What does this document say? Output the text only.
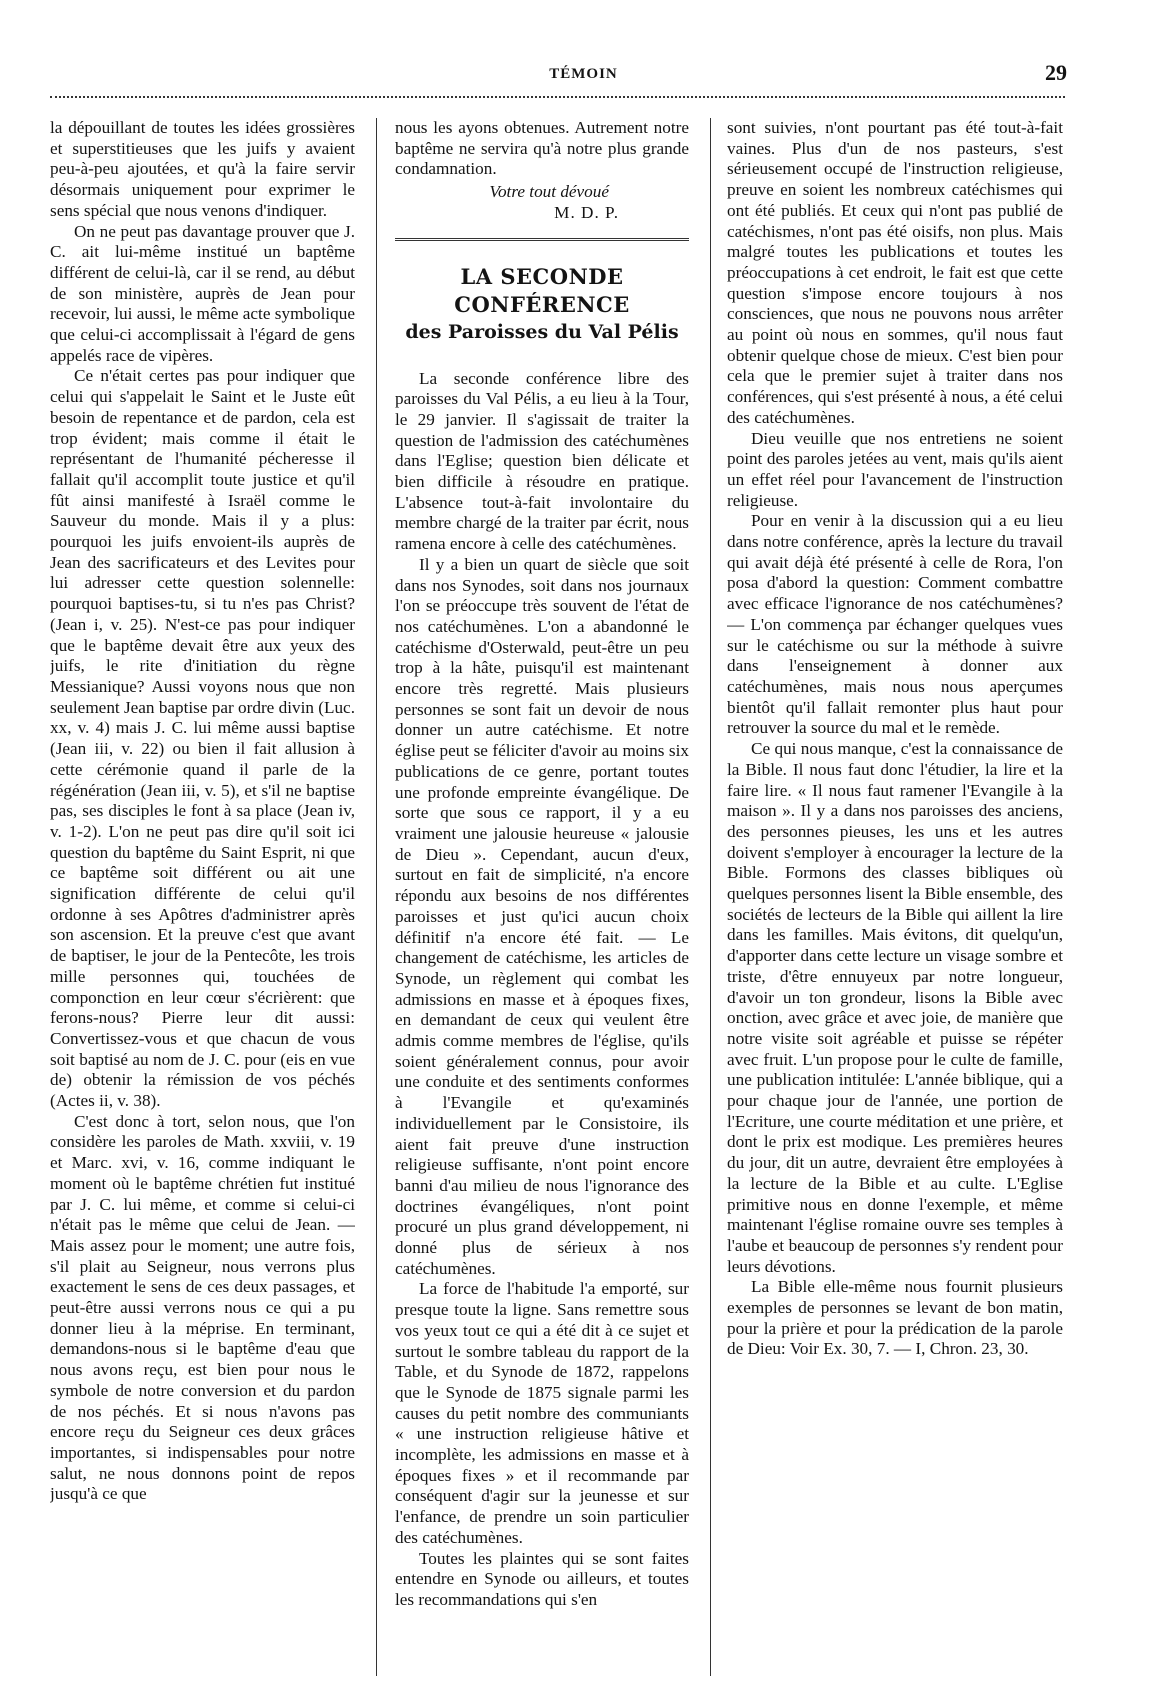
TÉMOIN	29

la dépouillant de toutes les idées grossières et superstitieuses que les juifs y avaient peu-à-peu ajoutées, et qu'à la faire servir désormais uniquement pour exprimer le sens spécial que nous venons d'indiquer.

On ne peut pas davantage prouver que J. C. ait lui-même institué un baptême différent de celui-là, car il se rend, au début de son ministère, auprès de Jean pour recevoir, lui aussi, le même acte symbolique que celui-ci accomplissait à l'égard de gens appelés race de vipères.

Ce n'était certes pas pour indiquer que celui qui s'appelait le Saint et le Juste eût besoin de repentance et de pardon, cela est trop évident; mais comme il était le représentant de l'humanité pécheresse il fallait qu'il accomplit toute justice et qu'il fût ainsi manifesté à Israël comme le Sauveur du monde. Mais il y a plus: pourquoi les juifs envoient-ils auprès de Jean des sacrificateurs et des Levites pour lui adresser cette question solennelle: pourquoi baptises-tu, si tu n'es pas Christ? (Jean i, v. 25). N'est-ce pas pour indiquer que le baptême devait être aux yeux des juifs, le rite d'initiation du règne Messianique? Aussi voyons nous que non seulement Jean baptise par ordre divin (Luc. xx, v. 4) mais J. C. lui même aussi baptise (Jean iii, v. 22) ou bien il fait allusion à cette cérémonie quand il parle de la régénération (Jean iii, v. 5), et s'il ne baptise pas, ses disciples le font à sa place (Jean iv, v. 1-2). L'on ne peut pas dire qu'il soit ici question du baptême du Saint Esprit, ni que ce baptême soit différent ou ait une signification différente de celui qu'il ordonne à ses Apôtres d'administrer après son ascension. Et la preuve c'est que avant de baptiser, le jour de la Pentecôte, les trois mille personnes qui, touchées de componction en leur cœur s'écrièrent: que ferons-nous? Pierre leur dit aussi: Convertissez-vous et que chacun de vous soit baptisé au nom de J. C. pour (eis en vue de) obtenir la rémission de vos péchés (Actes ii, v. 38).

C'est donc à tort, selon nous, que l'on considère les paroles de Math. xxviii, v. 19 et Marc. xvi, v. 16, comme indiquant le moment où le baptême chrétien fut institué par J. C. lui même, et comme si celui-ci n'était pas le même que celui de Jean. — Mais assez pour le moment; une autre fois, s'il plait au Seigneur, nous verrons plus exactement le sens de ces deux passages, et peut-être aussi verrons nous ce qui a pu donner lieu à la méprise. En terminant, demandons-nous si le baptême d'eau que nous avons reçu, est bien pour nous le symbole de notre conversion et du pardon de nos péchés. Et si nous n'avons pas encore reçu du Seigneur ces deux grâces importantes, si indispensables pour notre salut, ne nous donnons point de repos jusqu'à ce que

nous les ayons obtenues. Autrement notre baptême ne servira qu'à notre plus grande condamnation.

Votre tout dévoué
M. D. P.
LA SECONDE CONFÉRENCE
des Paroisses du Val Pélis

La seconde conférence libre des paroisses du Val Pélis, a eu lieu à la Tour, le 29 janvier. Il s'agissait de traiter la question de l'admission des catéchumènes dans l'Eglise; question bien délicate et bien difficile à résoudre en pratique. L'absence tout-à-fait involontaire du membre chargé de la traiter par écrit, nous ramena encore à celle des catéchumènes.

Il y a bien un quart de siècle que soit dans nos Synodes, soit dans nos journaux l'on se préoccupe très souvent de l'état de nos catéchumènes. L'on a abandonné le catéchisme d'Osterwald, peut-être un peu trop à la hâte, puisqu'il est maintenant encore très regretté. Mais plusieurs personnes se sont fait un devoir de nous donner un autre catéchisme. Et notre église peut se féliciter d'avoir au moins six publications de ce genre, portant toutes une profonde empreinte évangélique. De sorte que sous ce rapport, il y a eu vraiment une jalousie heureuse « jalousie de Dieu ». Cependant, aucun d'eux, surtout en fait de simplicité, n'a encore répondu aux besoins de nos différentes paroisses et just qu'ici aucun choix définitif n'a encore été fait. — Le changement de catéchisme, les articles de Synode, un règlement qui combat les admissions en masse et à époques fixes, en demandant de ceux qui veulent être admis comme membres de l'église, qu'ils soient généralement connus, pour avoir une conduite et des sentiments conformes à l'Evangile et qu'examinés individuellement par le Consistoire, ils aient fait preuve d'une instruction religieuse suffisante, n'ont point encore banni d'au milieu de nous l'ignorance des doctrines évangéliques, n'ont point procuré un plus grand développement, ni donné plus de sérieux à nos catéchumènes.

La force de l'habitude l'a emporté, sur presque toute la ligne. Sans remettre sous vos yeux tout ce qui a été dit à ce sujet et surtout le sombre tableau du rapport de la Table, et du Synode de 1872, rappelons que le Synode de 1875 signale parmi les causes du petit nombre des communiants « une instruction religieuse hâtive et incomplète, les admissions en masse et à époques fixes » et il recommande par conséquent d'agir sur la jeunesse et sur l'enfance, de prendre un soin particulier des catéchumènes.

Toutes les plaintes qui se sont faites entendre en Synode ou ailleurs, et toutes les recommandations qui s'en

sont suivies, n'ont pourtant pas été tout-à-fait vaines. Plus d'un de nos pasteurs, s'est sérieusement occupé de l'instruction religieuse, preuve en soient les nombreux catéchismes qui ont été publiés. Et ceux qui n'ont pas publié de catéchismes, n'ont pas été oisifs, non plus. Mais malgré toutes les publications et toutes les préoccupations à cet endroit, le fait est que cette question s'impose encore toujours à nos consciences, que nous ne pouvons nous arrêter au point où nous en sommes, qu'il nous faut obtenir quelque chose de mieux. C'est bien pour cela que le premier sujet à traiter dans nos conférences, qui s'est présenté à nous, a été celui des catéchumènes.

Dieu veuille que nos entretiens ne soient point des paroles jetées au vent, mais qu'ils aient un effet réel pour l'avancement de l'instruction religieuse.

Pour en venir à la discussion qui a eu lieu dans notre conférence, après la lecture du travail qui avait déjà été présenté à celle de Rora, l'on posa d'abord la question: Comment combattre avec efficace l'ignorance de nos catéchumènes? — L'on commença par échanger quelques vues sur le catéchisme ou sur la méthode à suivre dans l'enseignement à donner aux catéchumènes, mais nous nous aperçumes bientôt qu'il fallait remonter plus haut pour retrouver la source du mal et le remède.

Ce qui nous manque, c'est la connaissance de la Bible. Il nous faut donc l'étudier, la lire et la faire lire. « Il nous faut ramener l'Evangile à la maison ». Il y a dans nos paroisses des anciens, des personnes pieuses, les uns et les autres doivent s'employer à encourager la lecture de la Bible. Formons des classes bibliques où quelques personnes lisent la Bible ensemble, des sociétés de lecteurs de la Bible qui aillent la lire dans les familles. Mais évitons, dit quelqu'un, d'apporter dans cette lecture un visage sombre et triste, d'être ennuyeux par notre longueur, d'avoir un ton grondeur, lisons la Bible avec onction, avec grâce et avec joie, de manière que notre visite soit agréable et puisse se répéter avec fruit. L'un propose pour le culte de famille, une publication intitulée: L'année biblique, qui a pour chaque jour de l'année, une portion de l'Ecriture, une courte méditation et une prière, et dont le prix est modique. Les premières heures du jour, dit un autre, devraient être employées à la lecture de la Bible et au culte. L'Eglise primitive nous en donne l'exemple, et même maintenant l'église romaine ouvre ses temples à l'aube et beaucoup de personnes s'y rendent pour leurs dévotions.

La Bible elle-même nous fournit plusieurs exemples de personnes se levant de bon matin, pour la prière et pour la prédication de la parole de Dieu: Voir Ex. 30, 7. — I, Chron. 23, 30.
